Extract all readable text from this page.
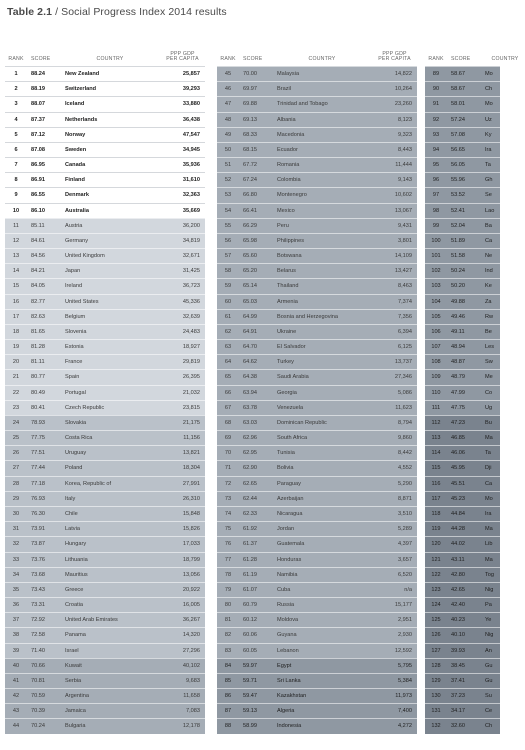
Table 2.1 / Social Progress Index 2014 results
RANK	SCORE	COUNTRY
PPP GDP PER CAPITA
1	88.24	New Zealand	25,857
2	88.19	Switzerland	39,293
3	88.07	Iceland	33,880
4	87.37	Netherlands	36,438
5	87.12	Norway	47,547
6	87.08	Sweden	34,945
7	86.95	Canada	35,936
8	86.91	Finland	31,610
9	86.55	Denmark	32,363
10	86.10	Australia	35,669
11	85.11	Austria	36,200
12	84.61	Germany	34,819
13	84.56	United Kingdom	32,671
14	84.21	Japan	31,425
15	84.05	Ireland	36,723
16	82.77	United States	45,336
17	82.63	Belgium	32,639
18	81.65	Slovenia	24,483
19	81.28	Estonia	18,927
20	81.11	France	29,819
21	80.77	Spain	26,395
22	80.49	Portugal	21,032
23	80.41	Czech Republic	23,815
24	78.93	Slovakia	21,175
25	77.75	Costa Rica	11,156
26	77.51	Uruguay	13,821
27	77.44	Poland	18,304
28	77.18	Korea, Republic of	27,991
29	76.93	Italy	26,310
30	76.30	Chile	15,848
31	73.91	Latvia	15,826
32	73.87	Hungary	17,033
33	73.76	Lithuania	18,799
34	73.68	Mauritius	13,056
35	73.43	Greece	20,922
36	73.31	Croatia	16,005
37	72.92	United Arab Emirates	36,267
38	72.58	Panama	14,320
39	71.40	Israel	27,296
40	70.66	Kuwait	40,102
41	70.81	Serbia	9,683
42	70.59	Argentina	11,658
43	70.39	Jamaica	7,083
44	70.24	Bulgaria	12,178
RANK	SCORE	COUNTRY
PPP GDP PER CAPITA
45	70.00	Malaysia	14,822
46	69.97	Brazil	10,264
47	69.88	Trinidad and Tobago	23,260
48	69.13	Albania	8,123
49	68.33	Macedonia	9,323
50	68.15	Ecuador	8,443
51	67.72	Romania	11,444
52	67.24	Colombia	9,143
53	66.80	Montenegro	10,602
54	66.41	Mexico	13,067
55	66.29	Peru	9,431
56	65.98	Philippines	3,801
57	65.60	Botswana	14,109
58	65.20	Belarus	13,427
59	65.14	Thailand	8,463
60	65.03	Armenia	7,374
61	64.99	Bosnia and Herzegovina	7,356
62	64.91	Ukraine	6,394
63	64.70	El Salvador	6,125
64	64.62	Turkey	13,737
65	64.38	Saudi Arabia	27,346
66	63.94	Georgia	5,086
67	63.78	Venezuela	11,623
68	63.03	Dominican Republic	8,794
69	62.96	South Africa	9,860
70	62.95	Tunisia	8,442
71	62.90	Bolivia	4,552
72	62.65	Paraguay	5,290
73	62.44	Azerbaijan	8,871
74	62.33	Nicaragua	3,510
75	61.92	Jordan	5,289
76	61.37	Guatemala	4,397
77	61.28	Honduras	3,657
78	61.19	Namibia	6,520
79	61.07	Cuba	n/a
80	60.79	Russia	15,177
81	60.12	Moldova	2,951
82	60.06	Guyana	2,930
83	60.05	Lebanon	12,592
84	59.97	Egypt	5,795
85	59.71	Sri Lanka	5,384
86	59.47	Kazakhstan	11,973
87	59.13	Algeria	7,400
88	58.99	Indonesia	4,272
RANK	SCORE	COUNTRY
89	58.67	Mo
90	58.67	Ch
91	58.01	Mo
92	57.24	Uz
93	57.08	Ky
94	56.65	Ira
95	56.05	Ta
96	55.96	Gh
97	53.52	Se
98	52.41	Lao
99	52.04	Ba
100	51.89	Ca
101	51.58	Ne
102	50.24	Ind
103	50.20	Ke
104	49.88	Za
105	49.46	Rw
106	49.11	Be
107	48.94	Les
108	48.87	Sw
109	48.79	Me
110	47.99	Co
111	47.75	Ug
112	47.23	Bu
113	46.85	Ma
114	46.06	Ta
115	45.95	Dji
116	45.51	Ca
117	45.23	Mo
118	44.84	Ira
119	44.28	Ma
120	44.02	Lib
121	43.11	Ma
122	42.80	Tog
123	42.65	Nig
124	42.40	Pa
125	40.23	Ye
126	40.10	Nig
127	39.93	An
128	38.45	Gu
129	37.41	Gu
130	37.23	Su
131	34.17	Ce
132	32.60	Ch
